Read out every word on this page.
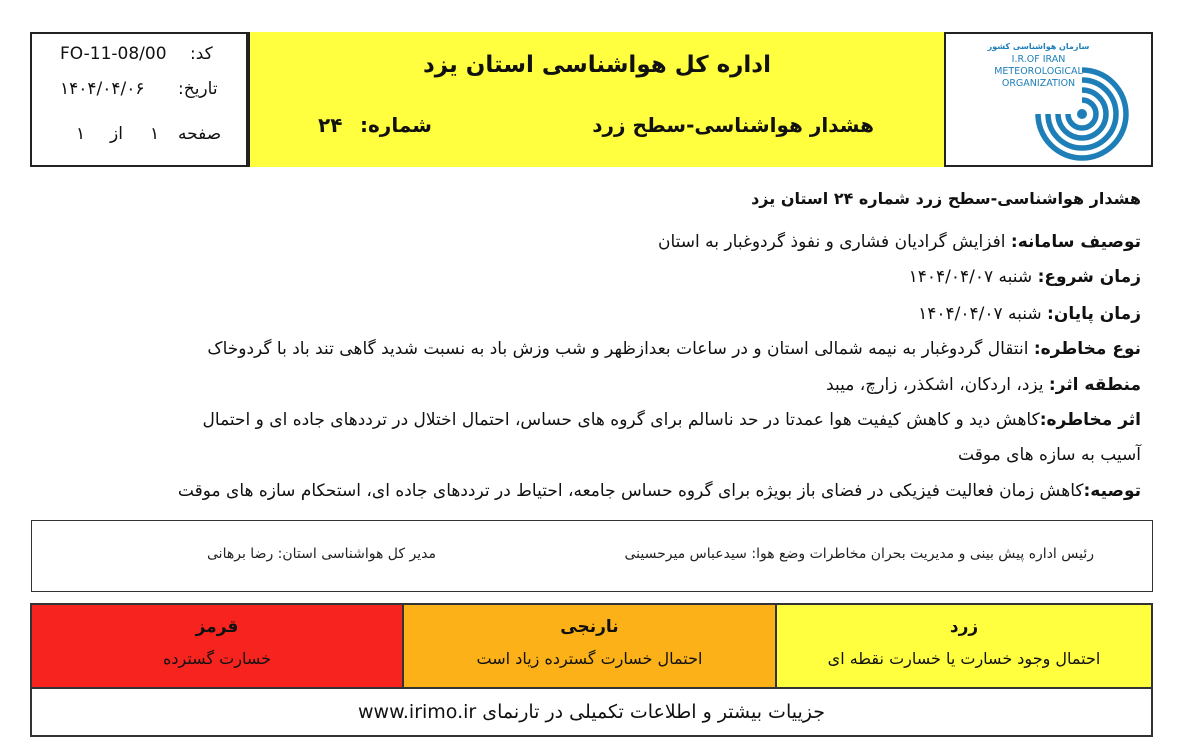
کد:
FO-11-08/00
تاریخ:
۱۴۰۴/۰۴/۰۶
صفحه
۱
از
۱
اداره کل هواشناسی استان یزد
هشدار هواشناسی-سطح زرد
شماره:
۲۴
سازمان هواشناسی کشور
I.R.OF IRAN
METEOROLOGICAL
ORGANIZATION
هشدار هواشناسی-سطح زرد شماره ۲۴ استان یزد
توصیف سامانه: افزایش گرادیان فشاری و نفوذ گردوغبار به استان
زمان شروع: شنبه ۱۴۰۴/۰۴/۰۷
زمان پایان: شنبه ۱۴۰۴/۰۴/۰۷
نوع مخاطره: انتقال گردوغبار به نیمه شمالی استان و در ساعات بعدازظهر و شب وزش باد به نسبت شدید گاهی تند باد با گردوخاک
منطقه اثر: یزد، اردکان، اشکذر، زارچ، میبد
اثر مخاطره:کاهش دید و کاهش کیفیت هوا عمدتا در حد ناسالم برای گروه های حساس، احتمال اختلال در ترددهای جاده ای و احتمال
آسیب به سازه های موقت
توصیه:کاهش زمان فعالیت فیزیکی در فضای باز بویژه برای گروه حساس جامعه، احتیاط در ترددهای جاده ای، استحکام سازه های موقت
رئیس اداره پیش بینی و مدیریت بحران مخاطرات وضع هوا: سیدعباس میرحسینی
مدیر کل هواشناسی استان: رضا برهانی
زرد
احتمال وجود خسارت یا خسارت نقطه ای
نارنجی
احتمال خسارت گسترده زیاد است
قرمز
خسارت گسترده
جزییات بیشتر و اطلاعات تکمیلی در تارنمای www.irimo.ir
